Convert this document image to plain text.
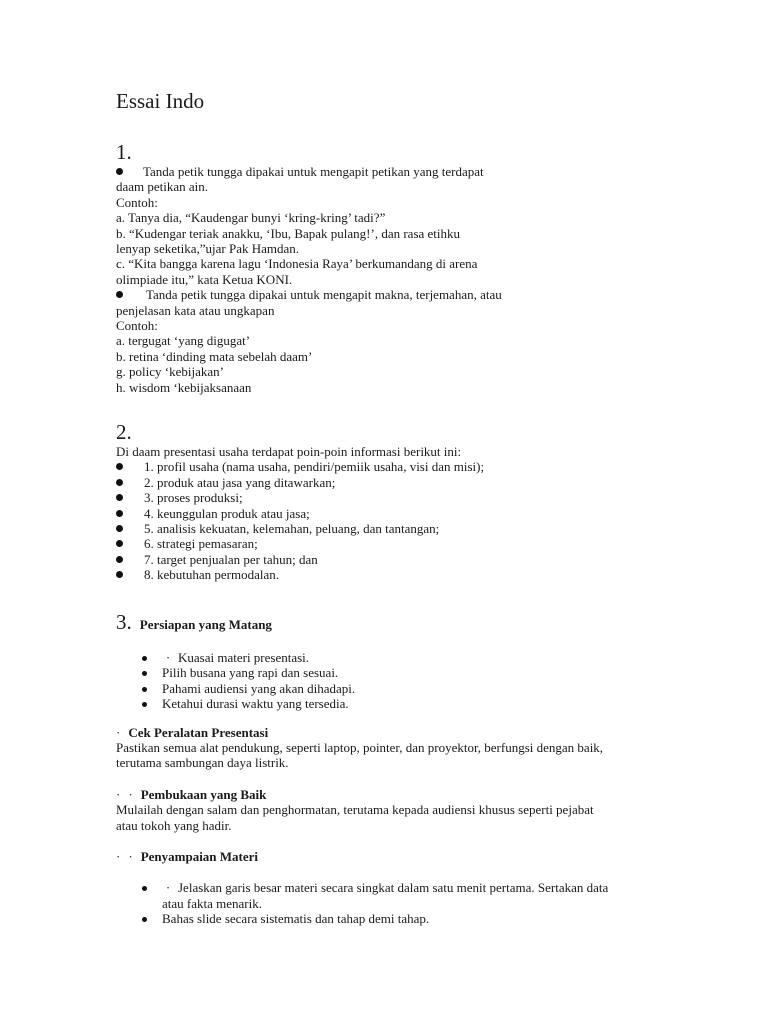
Essai Indo
1.
Tanda petik tungga dipakai untuk mengapit petikan yang terdapat
daam petikan ain.
Contoh:
a. Tanya dia, “Kaudengar bunyi ‘kring-kring’ tadi?”
b. “Kudengar teriak anakku, ‘Ibu, Bapak pulang!’, dan rasa etihku
lenyap seketika,”ujar Pak Hamdan.
c. “Kita bangga karena lagu ‘Indonesia Raya’ berkumandang di arena
olimpiade itu,” kata Ketua KONI.
Tanda petik tungga dipakai untuk mengapit makna, terjemahan, atau
penjelasan kata atau ungkapan
Contoh:
a. tergugat ‘yang digugat’
b. retina ‘dinding mata sebelah daam’
g. policy ‘kebijakan’
h. wisdom ‘kebijaksanaan
2.
Di daam presentasi usaha terdapat poin-poin informasi berikut ini:
1. profil usaha (nama usaha, pendiri/pemiik usaha, visi dan misi);
2. produk atau jasa yang ditawarkan;
3. proses produksi;
4. keunggulan produk atau jasa;
5. analisis kekuatan, kelemahan, peluang, dan tantangan;
6. strategi pemasaran;
7. target penjualan per tahun; dan
8. kebutuhan permodalan.
3. Persiapan yang Matang
· Kuasai materi presentasi.
Pilih busana yang rapi dan sesuai.
Pahami audiensi yang akan dihadapi.
Ketahui durasi waktu yang tersedia.
· Cek Peralatan Presentasi
Pastikan semua alat pendukung, seperti laptop, pointer, dan proyektor, berfungsi dengan baik,
terutama sambungan daya listrik.
· · Pembukaan yang Baik
Mulailah dengan salam dan penghormatan, terutama kepada audiensi khusus seperti pejabat
atau tokoh yang hadir.
· · Penyampaian Materi
· Jelaskan garis besar materi secara singkat dalam satu menit pertama. Sertakan data
atau fakta menarik.
Bahas slide secara sistematis dan tahap demi tahap.
